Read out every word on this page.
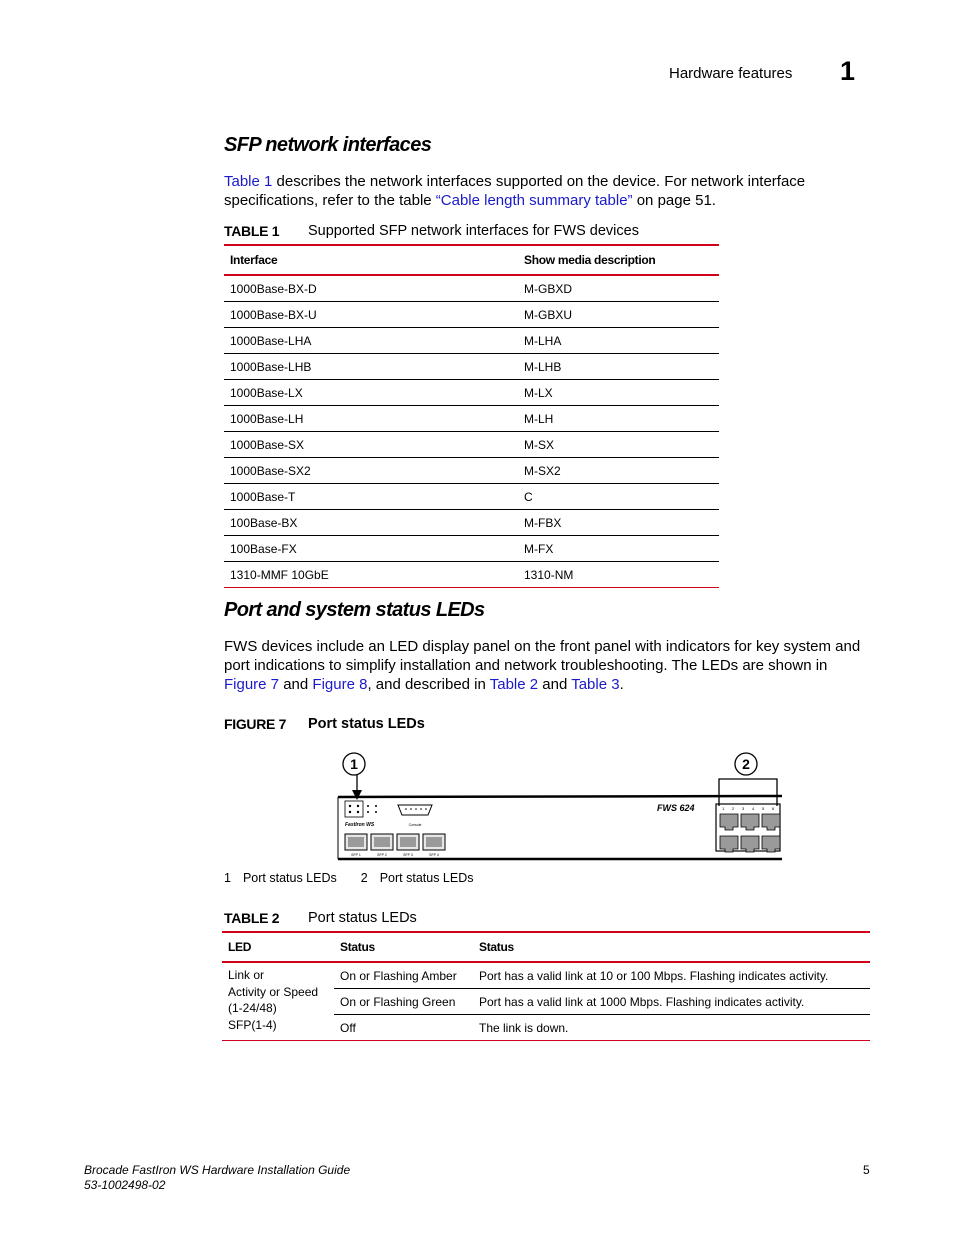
Hardware features 1
SFP network interfaces
Table 1 describes the network interfaces supported on the device. For network interface
specifications, refer to the table “Cable length summary table” on page 51.
TABLE 1 Supported SFP network interfaces for FWS devices
Interface	Show media description
1000Base-BX-D	M-GBXD
1000Base-BX-U	M-GBXU
1000Base-LHA	M-LHA
1000Base-LHB	M-LHB
1000Base-LX	M-LX
1000Base-LH	M-LH
1000Base-SX	M-SX
1000Base-SX2	M-SX2
1000Base-T	C
100Base-BX	M-FBX
100Base-FX	M-FX
1310-MMF 10GbE	1310-NM
Port and system status LEDs
FWS devices include an LED display panel on the front panel with indicators for key system and
port indications to simplify installation and network troubleshooting. The LEDs are shown in
Figure 7 and Figure 8, and described in Table 2 and Table 3.
FIGURE 7 Port status LEDs
1	2
FastIron WS	Console
SFP 1	SFP 2	SFP 3	SFP 4
FWS 624	1 2 3 4 5 6
1 Port status LEDs 2 Port status LEDs
TABLE 2 Port status LEDs
LED	Status	Status
Link or
Activity or Speed
(1-24/48)
SFP(1-4)	On or Flashing Amber	Port has a valid link at 10 or 100 Mbps. Flashing indicates activity.
	On or Flashing Green	Port has a valid link at 1000 Mbps. Flashing indicates activity.
	Off	The link is down.
Brocade FastIron WS Hardware Installation Guide
53-1002498-02
5
